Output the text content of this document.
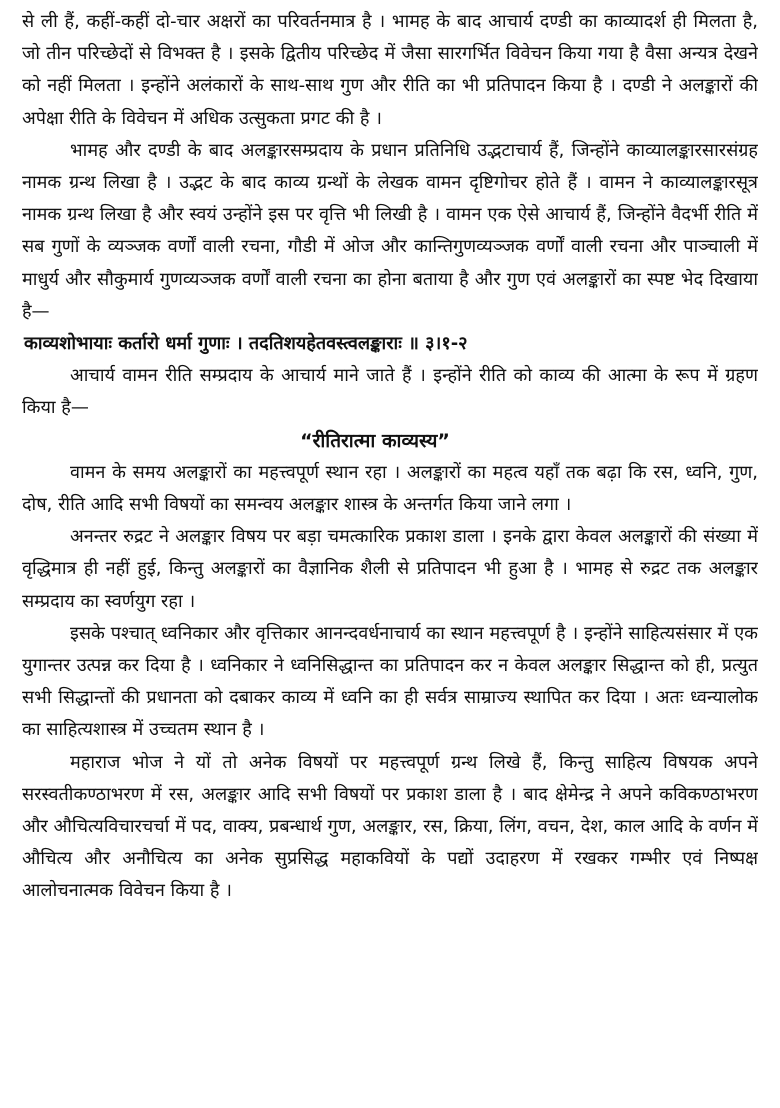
से ली हैं, कहीं-कहीं दो-चार अक्षरों का परिवर्तनमात्र है । भामह के बाद आचार्य दण्डी का काव्यादर्श ही मिलता है, जो तीन परिच्छेदों से विभक्त है । इसके द्वितीय परिच्छेद में जैसा सारगर्भित विवेचन किया गया है वैसा अन्यत्र देखने को नहीं मिलता । इन्होंने अलंकारों के साथ-साथ गुण और रीति का भी प्रतिपादन किया है । दण्डी ने अलङ्कारों की अपेक्षा रीति के विवेचन में अधिक उत्सुकता प्रगट की है ।

भामह और दण्डी के बाद अलङ्कारसम्प्रदाय के प्रधान प्रतिनिधि उद्भटाचार्य हैं, जिन्होंने काव्यालङ्कारसारसंग्रह नामक ग्रन्थ लिखा है । उद्भट के बाद काव्य ग्रन्थों के लेखक वामन दृष्टिगोचर होते हैं । वामन ने काव्यालङ्कारसूत्र नामक ग्रन्थ लिखा है और स्वयं उन्होंने इस पर वृत्ति भी लिखी है । वामन एक ऐसे आचार्य हैं, जिन्होंने वैदर्भी रीति में सब गुणों के व्यञ्जक वर्णों वाली रचना, गौडी में ओज और कान्तिगुणव्यञ्जक वर्णों वाली रचना और पाञ्चाली में माधुर्य और सौकुमार्य गुणव्यञ्जक वर्णों वाली रचना का होना बताया है और गुण एवं अलङ्कारों का स्पष्ट भेद दिखाया है—

काव्यशोभायाः कर्तारो धर्मा गुणाः । तदतिशयहेतवस्त्वलङ्काराः ॥ ३।१-२

आचार्य वामन रीति सम्प्रदाय के आचार्य माने जाते हैं । इन्होंने रीति को काव्य की आत्मा के रूप में ग्रहण किया है—

“रीतिरात्मा काव्यस्य”

वामन के समय अलङ्कारों का महत्त्वपूर्ण स्थान रहा । अलङ्कारों का महत्व यहाँ तक बढ़ा कि रस, ध्वनि, गुण, दोष, रीति आदि सभी विषयों का समन्वय अलङ्कार शास्त्र के अन्तर्गत किया जाने लगा ।

अनन्तर रुद्रट ने अलङ्कार विषय पर बड़ा चमत्कारिक प्रकाश डाला । इनके द्वारा केवल अलङ्कारों की संख्या में वृद्धिमात्र ही नहीं हुई, किन्तु अलङ्कारों का वैज्ञानिक शैली से प्रतिपादन भी हुआ है । भामह से रुद्रट तक अलङ्कार सम्प्रदाय का स्वर्णयुग रहा ।

इसके पश्चात् ध्वनिकार और वृत्तिकार आनन्दवर्धनाचार्य का स्थान महत्त्वपूर्ण है । इन्होंने साहित्यसंसार में एक युगान्तर उत्पन्न कर दिया है । ध्वनिकार ने ध्वनिसिद्धान्त का प्रतिपादन कर न केवल अलङ्कार सिद्धान्त को ही, प्रत्युत सभी सिद्धान्तों की प्रधानता को दबाकर काव्य में ध्वनि का ही सर्वत्र साम्राज्य स्थापित कर दिया । अतः ध्वन्यालोक का साहित्यशास्त्र में उच्चतम स्थान है ।

महाराज भोज ने यों तो अनेक विषयों पर महत्त्वपूर्ण ग्रन्थ लिखे हैं, किन्तु साहित्य विषयक अपने सरस्वतीकण्ठाभरण में रस, अलङ्कार आदि सभी विषयों पर प्रकाश डाला है । बाद क्षेमेन्द्र ने अपने कविकण्ठाभरण और औचित्यविचारचर्चा में पद, वाक्य, प्रबन्धार्थ गुण, अलङ्कार, रस, क्रिया, लिंग, वचन, देश, काल आदि के वर्णन में औचित्य और अनौचित्य का अनेक सुप्रसिद्ध महाकवियों के पद्यों उदाहरण में रखकर गम्भीर एवं निष्पक्ष आलोचनात्मक विवेचन किया है ।
